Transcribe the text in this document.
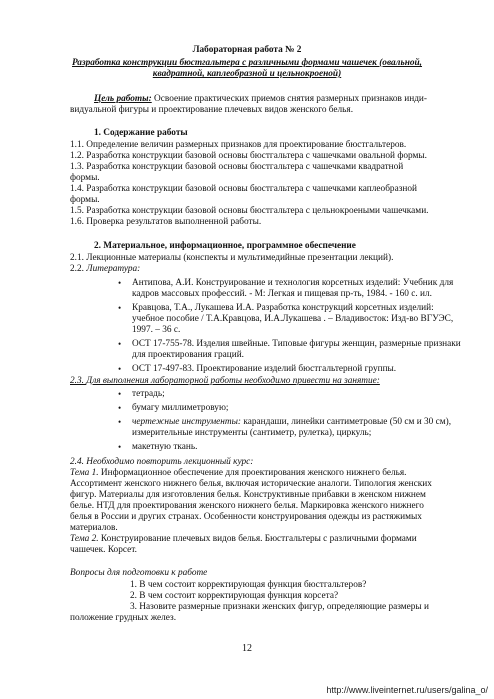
Лабораторная работа № 2
Разработка конструкции бюстгальтера с различными формами чашечек (овальной,
квадратной, каплеобразной и цельнокроеной)
Цель работы: Освоение практических приемов снятия размерных признаков инди-
видуальной фигуры и проектирование плечевых видов женского белья.
1. Содержание работы
1.1. Определение величин размерных признаков для проектирование бюстгальтеров.
1.2. Разработка конструкции базовой основы бюстгальтера с чашечками овальной формы.
1.3. Разработка конструкции базовой основы бюстгальтера с чашечками квадратной
формы.
1.4. Разработка конструкции базовой основы бюстгальтера с чашечками каплеобразной
формы.
1.5. Разработка конструкции базовой основы бюстгальтера с цельнокроеными чашечками.
1.6. Проверка результатов выполненной работы.
2. Материальное, информационное, программное обеспечение
2.1. Лекционные материалы (конспекты и мультимедийные презентации лекций).
2.2. Литература:
• Антипова, А.И. Конструирование и технология корсетных изделий: Учебник для
кадров массовых профессий. - М: Легкая и пищевая пр-ть, 1984. - 160 с. ил.
• Кравцова, Т.А., Лукашева И.А. Разработка конструкций корсетных изделий:
учебное пособие / Т.А.Кравцова, И.А.Лукашева . – Владивосток: Изд-во ВГУЭС,
1997. – 36 с.
• ОСТ 17-755-78. Изделия швейные. Типовые фигуры женщин, размерные признаки
для проектирования граций.
• ОСТ 17-497-83. Проектирование изделий бюстгальтерной группы.
2.3. Для выполнения лабораторной работы необходимо привести на занятие:
• тетрадь;
• бумагу миллиметровую;
• чертежные инструменты: карандаши, линейки сантиметровые (50 см и 30 см),
измерительные инструменты (сантиметр, рулетка), циркуль;
• макетную ткань.
2.4. Необходимо повторить лекционный курс:
Тема 1. Информационное обеспечение для проектирования женского нижнего белья.
Ассортимент женского нижнего белья, включая исторические аналоги. Типология женских
фигур. Материалы для изготовления белья. Конструктивные прибавки в женском нижнем
белье. НТД для проектирования женского нижнего белья. Маркировка женского нижнего
белья в России и других странах. Особенности конструирования одежды из растяжимых
материалов.
Тема 2. Конструирование плечевых видов белья. Бюстгальтеры с различными формами
чашечек. Корсет.
Вопросы для подготовки к работе
1. В чем состоит корректирующая функция бюстгальтеров?
2. В чем состоит корректирующая функция корсета?
3. Назовите размерные признаки женских фигур, определяющие размеры и
положение грудных желез.
12
http://www.liveinternet.ru/users/galina_o/
